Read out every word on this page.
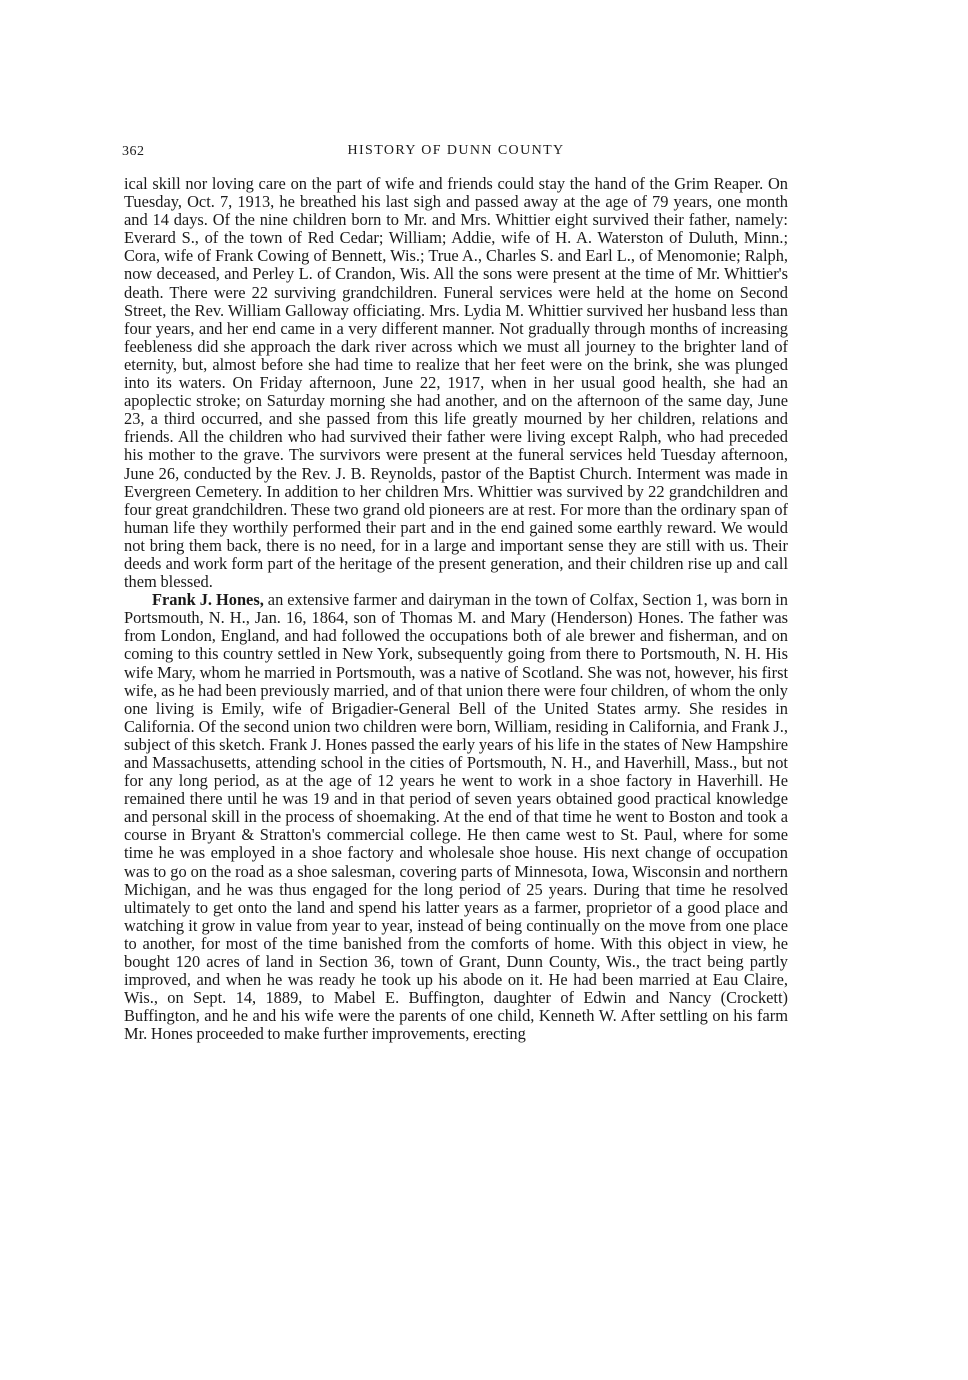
362	HISTORY OF DUNN COUNTY

ical skill nor loving care on the part of wife and friends could stay the hand of the Grim Reaper. On Tuesday, Oct. 7, 1913, he breathed his last sigh and passed away at the age of 79 years, one month and 14 days. Of the nine children born to Mr. and Mrs. Whittier eight survived their father, namely: Everard S., of the town of Red Cedar; William; Addie, wife of H. A. Waterston of Duluth, Minn.; Cora, wife of Frank Cowing of Bennett, Wis.; True A., Charles S. and Earl L., of Menomonie; Ralph, now deceased, and Perley L. of Crandon, Wis. All the sons were present at the time of Mr. Whittier's death. There were 22 surviving grandchildren. Funeral services were held at the home on Second Street, the Rev. William Galloway officiating. Mrs. Lydia M. Whittier survived her husband less than four years, and her end came in a very different manner. Not gradually through months of increasing feebleness did she approach the dark river across which we must all journey to the brighter land of eternity, but, almost before she had time to realize that her feet were on the brink, she was plunged into its waters. On Friday afternoon, June 22, 1917, when in her usual good health, she had an apoplectic stroke; on Saturday morning she had another, and on the afternoon of the same day, June 23, a third occurred, and she passed from this life greatly mourned by her children, relations and friends. All the children who had survived their father were living except Ralph, who had preceded his mother to the grave. The survivors were present at the funeral services held Tuesday afternoon, June 26, conducted by the Rev. J. B. Reynolds, pastor of the Baptist Church. Interment was made in Evergreen Cemetery. In addition to her children Mrs. Whittier was survived by 22 grandchildren and four great grandchildren. These two grand old pioneers are at rest. For more than the ordinary span of human life they worthily performed their part and in the end gained some earthly reward. We would not bring them back, there is no need, for in a large and important sense they are still with us. Their deeds and work form part of the heritage of the present generation, and their children rise up and call them blessed.

Frank J. Hones, an extensive farmer and dairyman in the town of Colfax, Section 1, was born in Portsmouth, N. H., Jan. 16, 1864, son of Thomas M. and Mary (Henderson) Hones. The father was from London, England, and had followed the occupations both of ale brewer and fisherman, and on coming to this country settled in New York, subsequently going from there to Portsmouth, N. H. His wife Mary, whom he married in Portsmouth, was a native of Scotland. She was not, however, his first wife, as he had been previously married, and of that union there were four children, of whom the only one living is Emily, wife of Brigadier-General Bell of the United States army. She resides in California. Of the second union two children were born, William, residing in California, and Frank J., subject of this sketch. Frank J. Hones passed the early years of his life in the states of New Hampshire and Massachusetts, attending school in the cities of Portsmouth, N. H., and Haverhill, Mass., but not for any long period, as at the age of 12 years he went to work in a shoe factory in Haverhill. He remained there until he was 19 and in that period of seven years obtained good practical knowledge and personal skill in the process of shoemaking. At the end of that time he went to Boston and took a course in Bryant & Stratton's commercial college. He then came west to St. Paul, where for some time he was employed in a shoe factory and wholesale shoe house. His next change of occupation was to go on the road as a shoe salesman, covering parts of Minnesota, Iowa, Wisconsin and northern Michigan, and he was thus engaged for the long period of 25 years. During that time he resolved ultimately to get onto the land and spend his latter years as a farmer, proprietor of a good place and watching it grow in value from year to year, instead of being continually on the move from one place to another, for most of the time banished from the comforts of home. With this object in view, he bought 120 acres of land in Section 36, town of Grant, Dunn County, Wis., the tract being partly improved, and when he was ready he took up his abode on it. He had been married at Eau Claire, Wis., on Sept. 14, 1889, to Mabel E. Buffington, daughter of Edwin and Nancy (Crockett) Buffington, and he and his wife were the parents of one child, Kenneth W. After settling on his farm Mr. Hones proceeded to make further improvements, erecting
